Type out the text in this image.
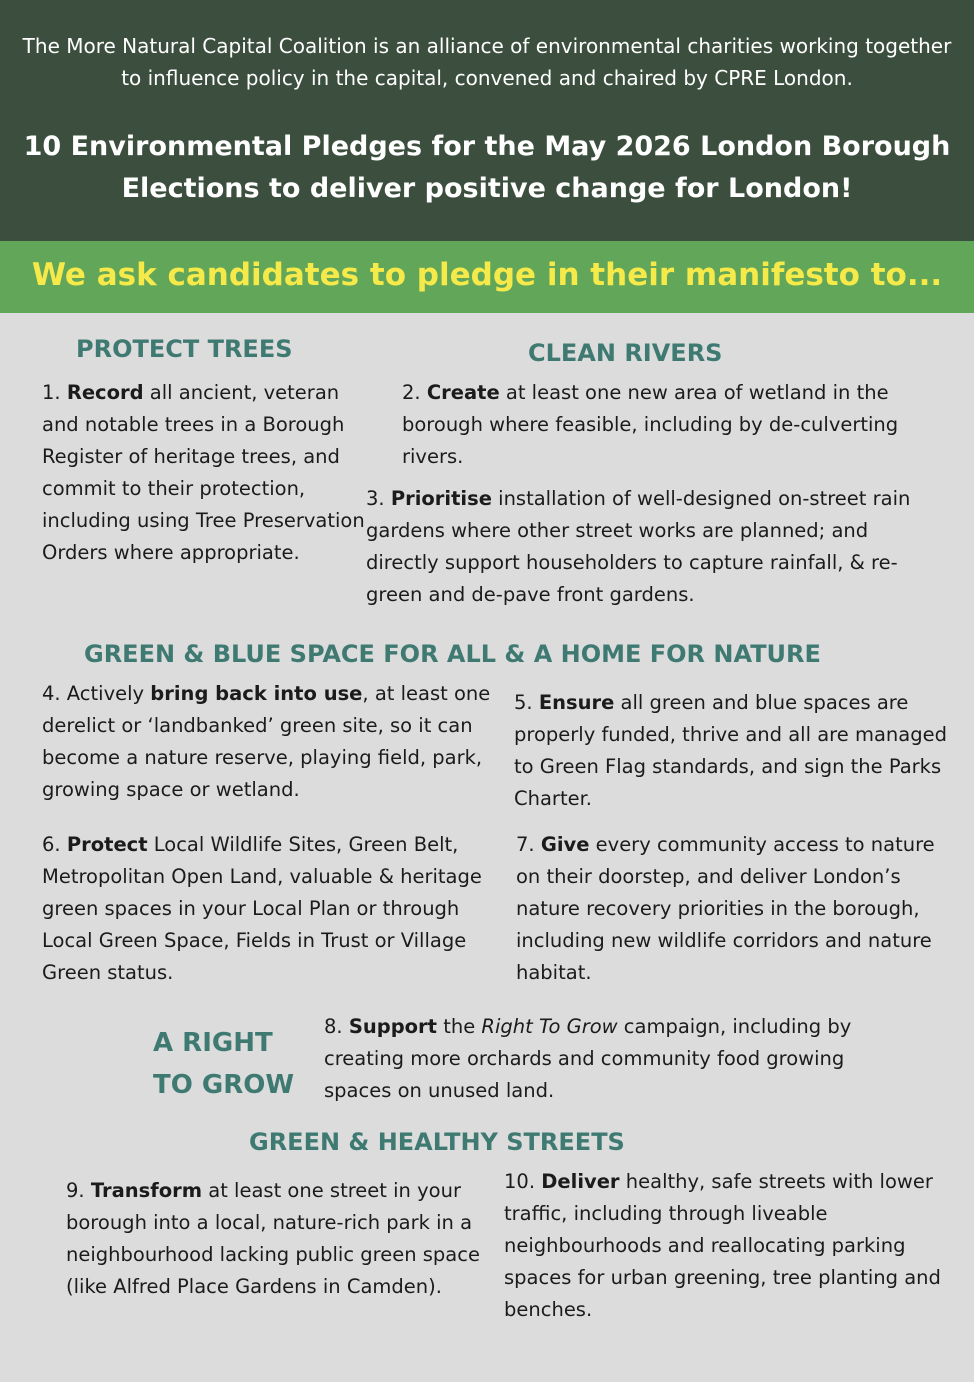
The More Natural Capital Coalition is an alliance of environmental charities working together to influence policy in the capital, convened and chaired by CPRE London.

10 Environmental Pledges for the May 2026 London Borough Elections to deliver positive change for London!

We ask candidates to pledge in their manifesto to...

PROTECT TREES	CLEAN RIVERS
GREEN & BLUE SPACE FOR ALL & A HOME FOR NATURE
A RIGHT
TO GROW
GREEN & HEALTHY STREETS

1. Record all ancient, veteran and notable trees in a Borough Register of heritage trees, and commit to their protection, including using Tree Preservation Orders where appropriate.

2. Create at least one new area of wetland in the borough where feasible, including by de-culverting rivers.

3. Prioritise installation of well-designed on-street rain gardens where other street works are planned; and directly support householders to capture rainfall, & re-green and de-pave front gardens.

4. Actively bring back into use, at least one derelict or ‘landbanked’ green site, so it can become a nature reserve, playing field, park, growing space or wetland.

5. Ensure all green and blue spaces are properly funded, thrive and all are managed to Green Flag standards, and sign the Parks Charter.

6. Protect Local Wildlife Sites, Green Belt, Metropolitan Open Land, valuable & heritage green spaces in your Local Plan or through Local Green Space, Fields in Trust or Village Green status.

7. Give every community access to nature on their doorstep, and deliver London’s nature recovery priorities in the borough, including new wildlife corridors and nature habitat.

8. Support the Right To Grow campaign, including by creating more orchards and community food growing spaces on unused land.

9. Transform at least one street in your borough into a local, nature-rich park in a neighbourhood lacking public green space (like Alfred Place Gardens in Camden).

10. Deliver healthy, safe streets with lower traffic, including through liveable neighbourhoods and reallocating parking spaces for urban greening, tree planting and benches.
